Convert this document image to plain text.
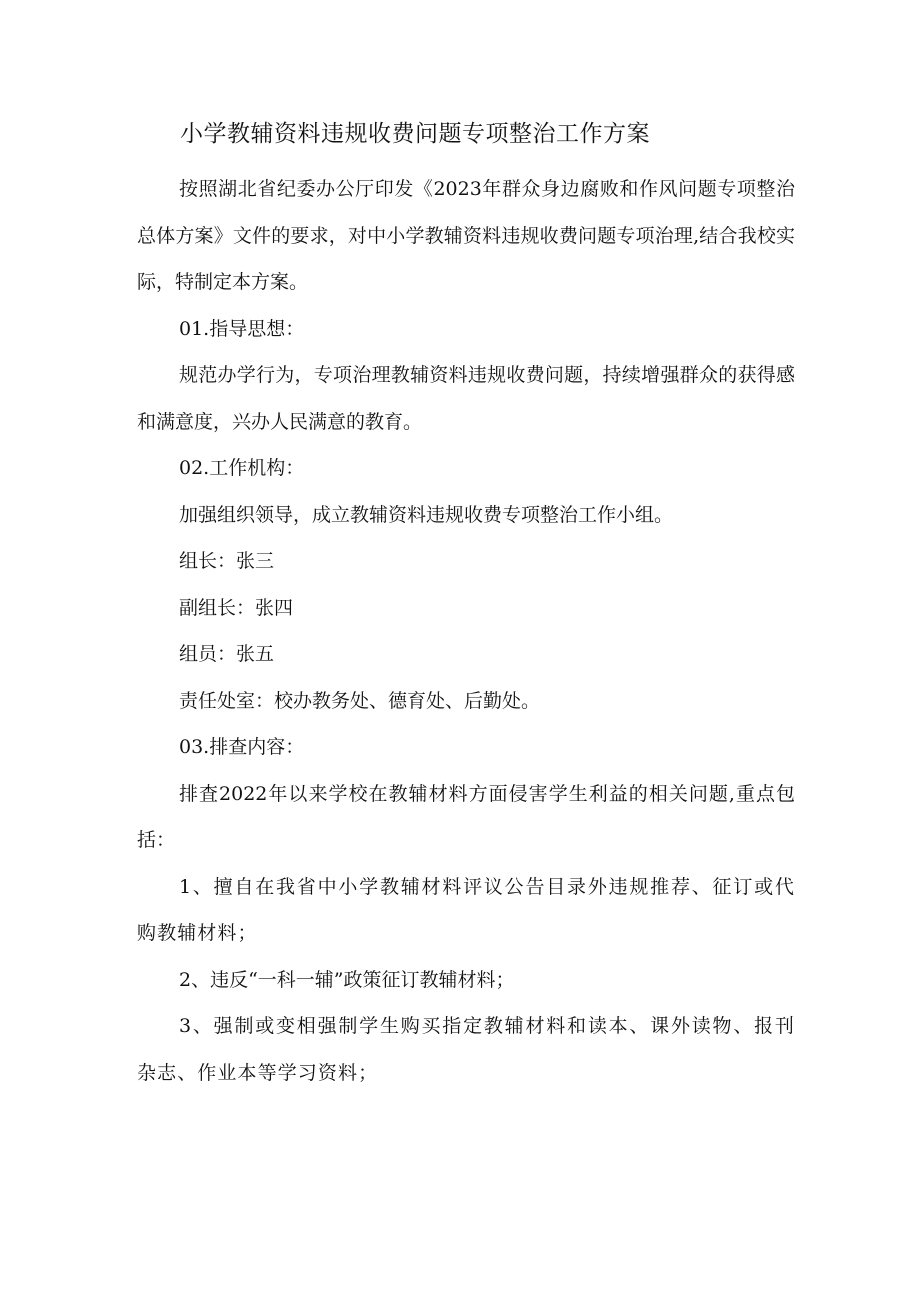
小学教辅资料违规收费问题专项整治工作方案

按照湖北省纪委办公厅印发《2023年群众身边腐败和作风问题专项整治总体方案》文件的要求，对中小学教辅资料违规收费问题专项治理,结合我校实际，特制定本方案。

01.指导思想：

规范办学行为，专项治理教辅资料违规收费问题，持续增强群众的获得感和满意度，兴办人民满意的教育。

02.工作机构：

加强组织领导，成立教辅资料违规收费专项整治工作小组。

组长：张三

副组长：张四

组员：张五

责任处室：校办教务处、德育处、后勤处。

03.排查内容：

排査2022年以来学校在教辅材料方面侵害学生利益的相关问题,重点包括：

1、擅自在我省中小学教辅材料评议公告目录外违规推荐、征订或代购教辅材料；

2、违反“一科一辅”政策征订教辅材料；

3、强制或变相强制学生购买指定教辅材料和读本、课外读物、报刊杂志、作业本等学习资料；
